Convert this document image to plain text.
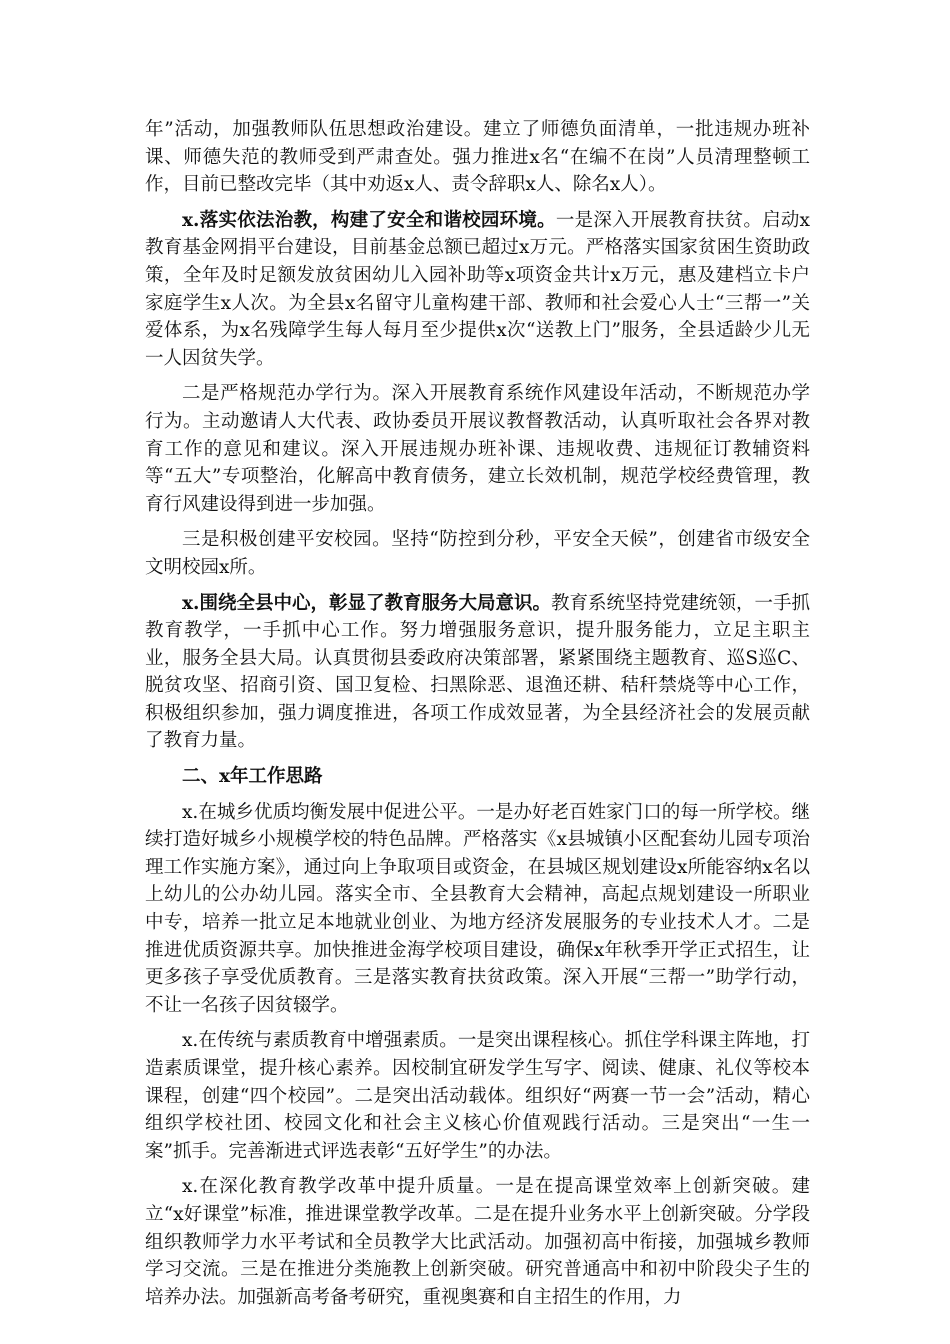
年”活动，加强教师队伍思想政治建设。建立了师德负面清单，一批违规办班补课、师德失范的教师受到严肃查处。强力推进x名“在编不在岗”人员清理整顿工作，目前已整改完毕（其中劝返x人、责令辞职x人、除名x人）。

x.落实依法治教，构建了安全和谐校园环境。一是深入开展教育扶贫。启动x教育基金网捐平台建设，目前基金总额已超过x万元。严格落实国家贫困生资助政策，全年及时足额发放贫困幼儿入园补助等x项资金共计x万元，惠及建档立卡户家庭学生x人次。为全县x名留守儿童构建干部、教师和社会爱心人士“三帮一”关爱体系，为x名残障学生每人每月至少提供x次“送教上门”服务，全县适龄少儿无一人因贫失学。

二是严格规范办学行为。深入开展教育系统作风建设年活动，不断规范办学行为。主动邀请人大代表、政协委员开展议教督教活动，认真听取社会各界对教育工作的意见和建议。深入开展违规办班补课、违规收费、违规征订教辅资料等“五大”专项整治，化解高中教育债务，建立长效机制，规范学校经费管理，教育行风建设得到进一步加强。

三是积极创建平安校园。坚持“防控到分秒，平安全天候”，创建省市级安全文明校园x所。

x.围绕全县中心，彰显了教育服务大局意识。教育系统坚持党建统领，一手抓教育教学，一手抓中心工作。努力增强服务意识，提升服务能力，立足主职主业，服务全县大局。认真贯彻县委政府决策部署，紧紧围绕主题教育、巡S巡C、脱贫攻坚、招商引资、国卫复检、扫黑除恶、退渔还耕、秸秆禁烧等中心工作，积极组织参加，强力调度推进，各项工作成效显著，为全县经济社会的发展贡献了教育力量。

二、x年工作思路

x.在城乡优质均衡发展中促进公平。一是办好老百姓家门口的每一所学校。继续打造好城乡小规模学校的特色品牌。严格落实《x县城镇小区配套幼儿园专项治理工作实施方案》，通过向上争取项目或资金，在县城区规划建设x所能容纳x名以上幼儿的公办幼儿园。落实全市、全县教育大会精神，高起点规划建设一所职业中专，培养一批立足本地就业创业、为地方经济发展服务的专业技术人才。二是推进优质资源共享。加快推进金海学校项目建设，确保x年秋季开学正式招生，让更多孩子享受优质教育。三是落实教育扶贫政策。深入开展“三帮一”助学行动，不让一名孩子因贫辍学。

x.在传统与素质教育中增强素质。一是突出课程核心。抓住学科课主阵地，打造素质课堂，提升核心素养。因校制宜研发学生写字、阅读、健康、礼仪等校本课程，创建“四个校园”。二是突出活动载体。组织好“两赛一节一会”活动，精心组织学校社团、校园文化和社会主义核心价值观践行活动。三是突出“一生一案”抓手。完善渐进式评选表彰“五好学生”的办法。

x.在深化教育教学改革中提升质量。一是在提高课堂效率上创新突破。建立“x好课堂”标准，推进课堂教学改革。二是在提升业务水平上创新突破。分学段组织教师学力水平考试和全员教学大比武活动。加强初高中衔接，加强城乡教师学习交流。三是在推进分类施教上创新突破。研究普通高中和初中阶段尖子生的培养办法。加强新高考备考研究，重视奥赛和自主招生的作用，力
